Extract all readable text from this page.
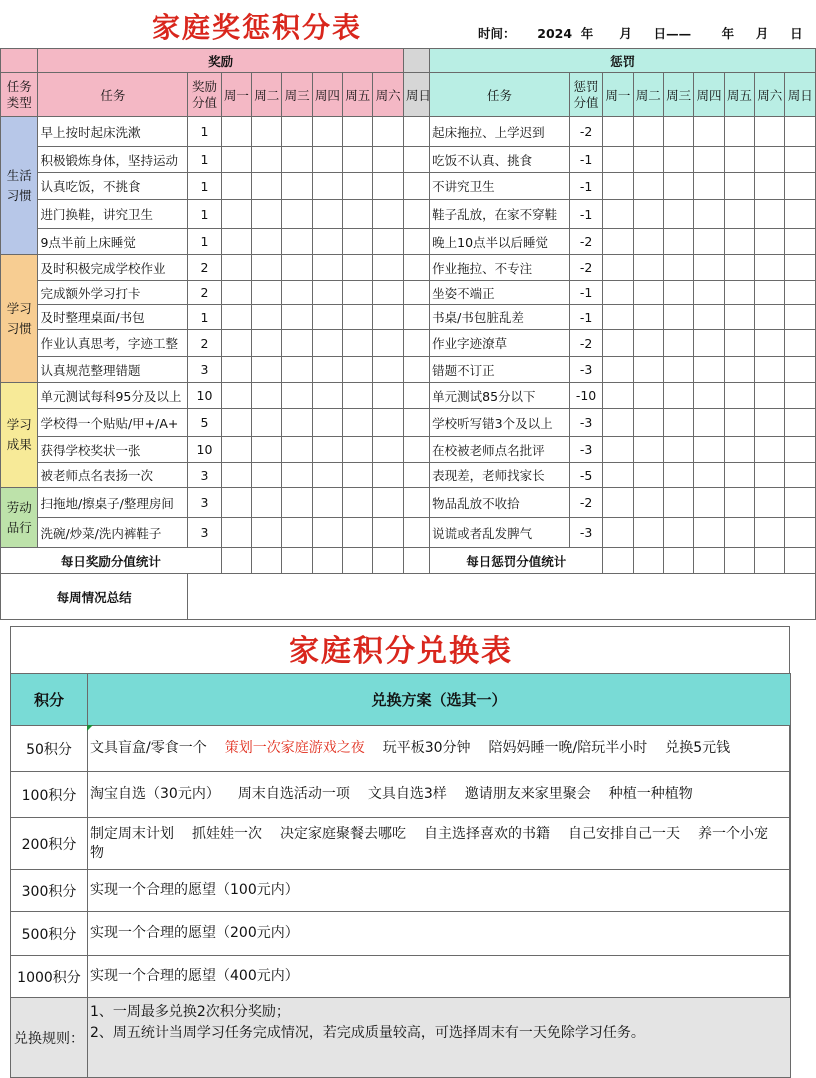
家庭奖惩积分表	时间：     2024  年      月     日——       年     月     日
	奖励									惩罚								
任务类型	任务	奖励分值	周一	周二	周三	周四	周五	周六	周日	任务	惩罚分值	周一	周二	周三	周四	周五	周六	周日

生活习惯	早上按时起床洗漱	1								起床拖拉、上学迟到	-2							
	积极锻炼身体，坚持运动	1								吃饭不认真、挑食	-1							
	认真吃饭，不挑食	1								不讲究卫生	-1							
	进门换鞋，讲究卫生	1								鞋子乱放，在家不穿鞋	-1							
	9点半前上床睡觉	1								晚上10点半以后睡觉	-2							

学习习惯	及时积极完成学校作业	2								作业拖拉、不专注	-2							
	完成额外学习打卡	2								坐姿不端正	-1							
	及时整理桌面/书包	1								书桌/书包脏乱差	-1							
	作业认真思考，字迹工整	2								作业字迹潦草	-2							
	认真规范整理错题	3								错题不订正	-3							

学习成果	单元测试每科95分及以上	10								单元测试85分以下	-10							
	学校得一个贴贴/甲+/A+	5								学校听写错3个及以上	-3							
	获得学校奖状一张	10								在校被老师点名批评	-3							
	被老师点名表扬一次	3								表现差，老师找家长	-5							

劳动品行	扫拖地/擦桌子/整理房间	3								物品乱放不收拾	-2							
	洗碗/炒菜/洗内裤鞋子	3								说谎或者乱发脾气	-3							
每日奖励分值统计										每日惩罚分值统计								
每周情况总结																		
家庭积分兑换表
积分	兑换方案（选其一）
50积分	文具盲盒/零食一个 策划一次家庭游戏之夜 玩平板30分钟 陪妈妈睡一晚/陪玩半小时 兑换5元钱
100积分	淘宝自选（30元内） 周末自选活动一项 文具自选3样 邀请朋友来家里聚会 种植一种植物
200积分	制定周末计划 抓娃娃一次 决定家庭聚餐去哪吃 自主选择喜欢的书籍 自己安排自己一天 养一个小宠物
300积分	实现一个合理的愿望（100元内）
500积分	实现一个合理的愿望（200元内）
1000积分	实现一个合理的愿望（400元内）
兑换规则：	1、一周最多兑换2次积分奖励；
2、周五统计当周学习任务完成情况，若完成质量较高，可选择周末有一天免除学习任务。
